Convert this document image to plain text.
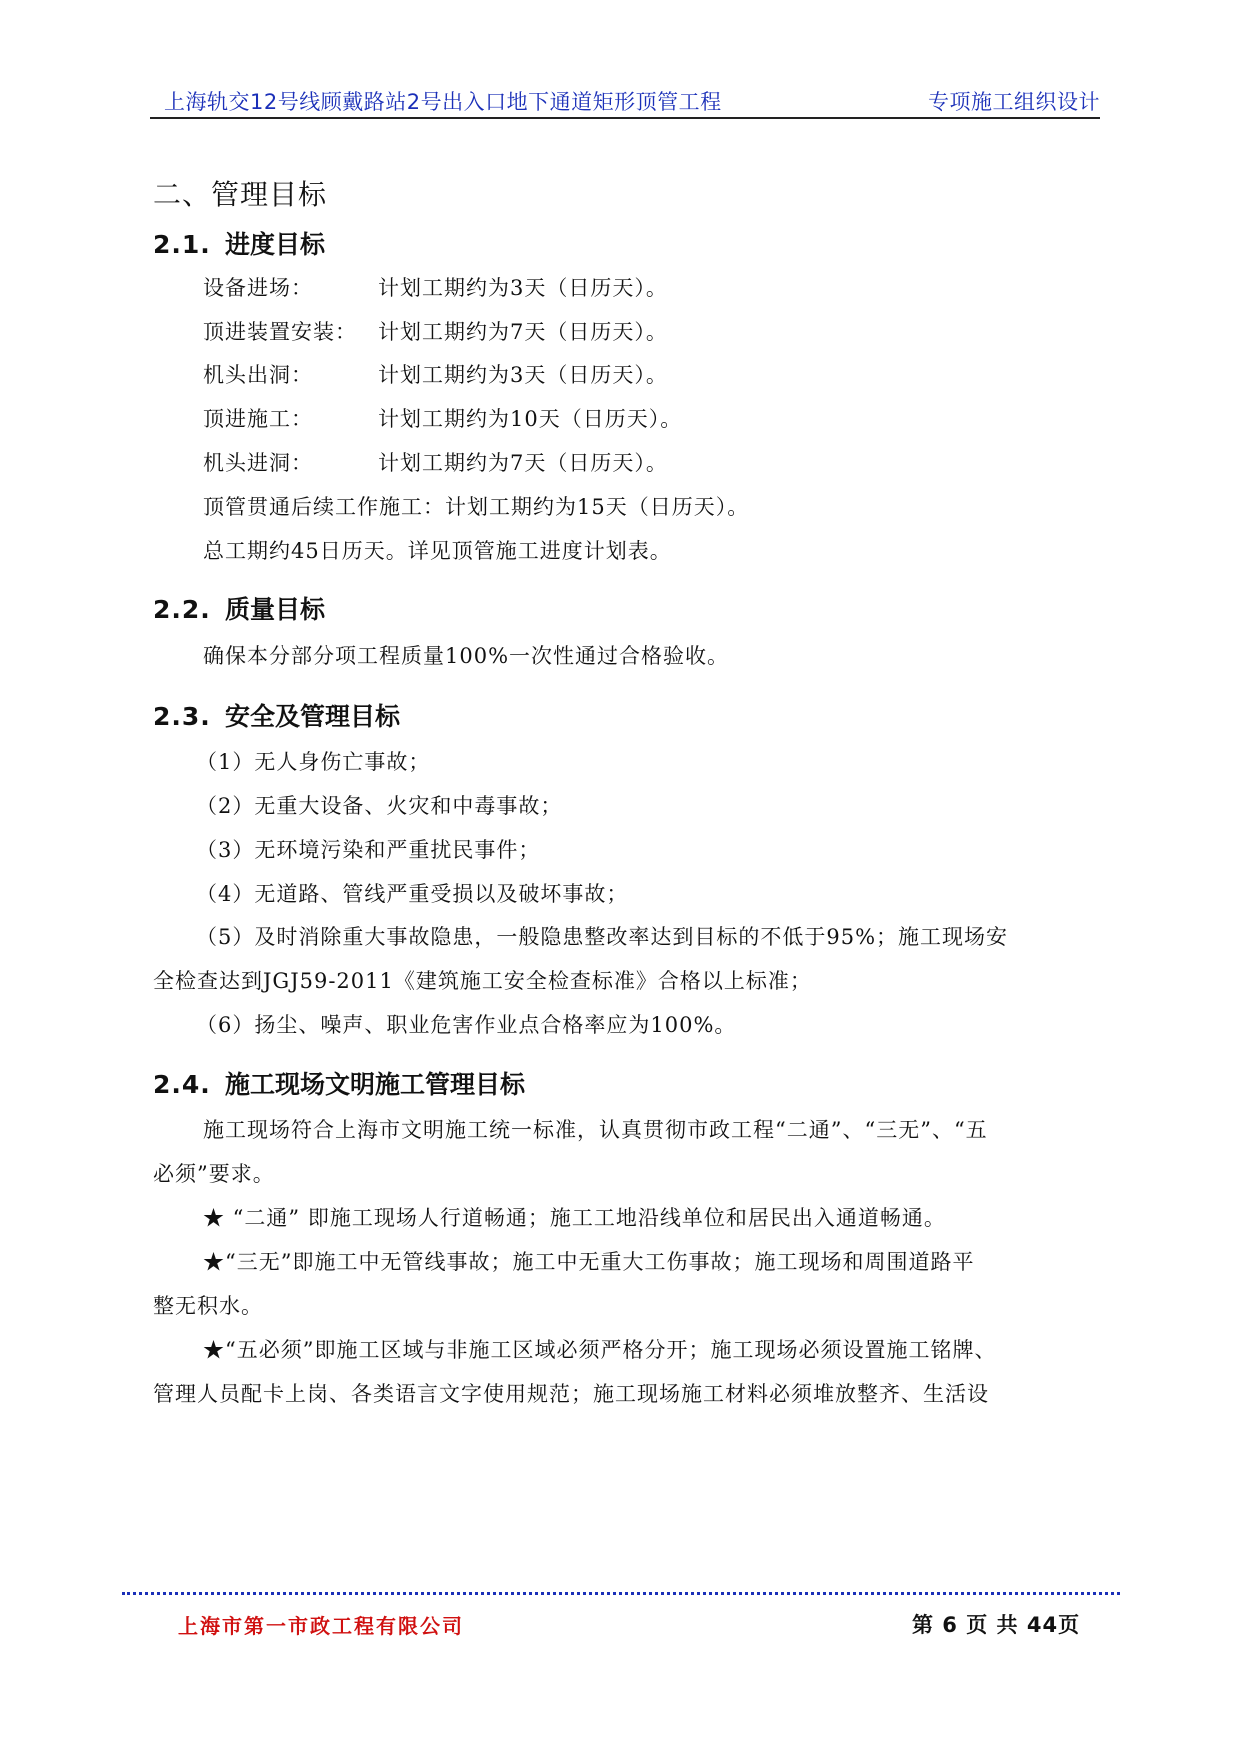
上海轨交12号线顾戴路站2号出入口地下通道矩形顶管工程	专项施工组织设计
二、管理目标
2.1. 进度目标
设备进场：	计划工期约为3天（日历天）。
顶进装置安装： 计划工期约为7天（日历天）。
机头出洞：	计划工期约为3天（日历天）。
顶进施工：	计划工期约为10天（日历天）。
机头进洞：	计划工期约为7天（日历天）。
顶管贯通后续工作施工：计划工期约为15天（日历天）。
总工期约45日历天。详见顶管施工进度计划表。
2.2. 质量目标
确保本分部分项工程质量100%一次性通过合格验收。
2.3. 安全及管理目标
（1）无人身伤亡事故；
（2）无重大设备、火灾和中毒事故；
（3）无环境污染和严重扰民事件；
（4）无道路、管线严重受损以及破坏事故；
（5）及时消除重大事故隐患，一般隐患整改率达到目标的不低于95%；施工现场安
全检查达到JGJ59-2011《建筑施工安全检查标准》合格以上标准；
（6）扬尘、噪声、职业危害作业点合格率应为100%。
2.4. 施工现场文明施工管理目标
施工现场符合上海市文明施工统一标准，认真贯彻市政工程“二通”、“三无”、“五
必须”要求。
★ “二通” 即施工现场人行道畅通；施工工地沿线单位和居民出入通道畅通。
★“三无”即施工中无管线事故；施工中无重大工伤事故；施工现场和周围道路平
整无积水。
★“五必须”即施工区域与非施工区域必须严格分开；施工现场必须设置施工铭牌、
管理人员配卡上岗、各类语言文字使用规范；施工现场施工材料必须堆放整齐、生活设
上海市第一市政工程有限公司	第 6 页 共 44页
